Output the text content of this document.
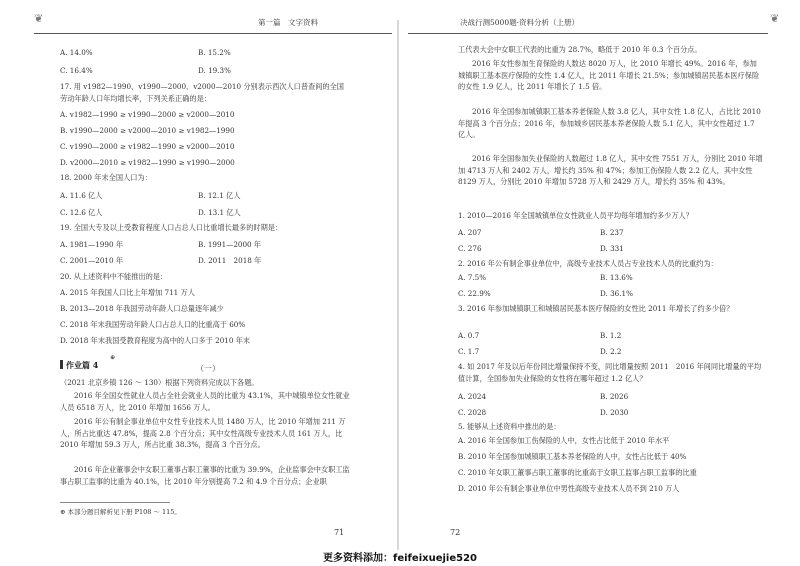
❦	第一篇　文字资料
A. 14.0%	B. 15.2%
C. 16.4%	D. 19.3%
17. 用 v1982—1990、v1990—2000、v2000—2010 分别表示西次人口普查间的全国劳动年龄人口年均增长率，下列关系正确的是：
A. v1982—1990 ≥ v1990—2000 ≥ v2000—2010
B. v1990—2000 ≥ v2000—2010 ≥ v1982—1990
C. v1990—2000 ≥ v1982—1990 ≥ v2000—2010
D. v2000—2010 ≥ v1982—1990 ≥ v1990—2000
18. 2000 年末全国人口为：
A. 11.6 亿人	B. 12.1 亿人
C. 12.6 亿人	D. 13.1 亿人
19. 全国大专及以上受教育程度人口占总人口比重增长最多的时期是：
A. 1981—1990 年	B. 1991—2000 年
C. 2001—2010 年	D. 2011　2018 年
20. 从上述资料中不能推出的是：
A. 2015 年我国人口比上年增加 711 万人
B. 2013—2018 年我国劳动年龄人口总量逐年减少
C. 2018 年末我国劳动年龄人口占总人口的比重高于 60%
D. 2018 年末我国受教育程度为高中的人口多于 2010 年末
作业篇 4
⊕
（一）
（2021 北京乡镇 126 ～ 130）根据下列资料完成以下各题。
2016 年全国女性就业人员占全社会就业人员的比重为 43.1%，其中城镇单位女性就业人员 6518 万人，比 2010 年增加 1656 万人。
2016 年公有制企事业单位中女性专业技术人员 1480 万人，比 2010 年增加 211 万人，所占比重达 47.8%，提高 2.8 个百分点；其中女性高级专业技术人员 161 万人，比 2010 年增加 59.3 万人，所占比重 38.3%，提高 3 个百分点。
2016 年企业董事会中女职工董事占职工董事的比重为 39.9%，企业监事会中女职工监事占职工监事的比重为 40.1%，比 2010 年分别提高 7.2 和 4.9 个百分点；企业职
⊕ 本部分题目解析见下册 P108 ～ 115。
71
决战行测5000题·资料分析（上册）	❦
工代表大会中女职工代表的比重为 28.7%，略低于 2010 年 0.3 个百分点。
2016 年女性参加生育保险的人数达 8020 万人，比 2010 年增长 49%。2016 年，参加城镇职工基本医疗保险的女性 1.4 亿人，比 2011 年增长 21.5%；参加城镇居民基本医疗保险的女性 1.9 亿人，比 2011 年增长了 1.5 倍。
2016 年全国参加城镇职工基本养老保险人数 3.8 亿人，其中女性 1.8 亿人，占比比 2010 年提高 3 个百分点；2016 年，参加城乡居民基本养老保险人数 5.1 亿人，其中女性超过 1.7 亿人。
2016 年全国参加失业保险的人数超过 1.8 亿人，其中女性 7551 万人，分别比 2010 年增加 4713 万人和 2402 万人，增长约 35% 和 47%；参加工伤保险人数 2.2 亿人，其中女性 8129 万人，分别比 2010 年增加 5728 万人和 2429 万人，增长约 35% 和 43%。
1. 2010—2016 年全国城镇单位女性就业人员平均每年增加约多少万人？
A. 207	B. 237
C. 276	D. 331
2. 2016 年公有制企事业单位中，高级专业技术人员占专业技术人员的比重约为：
A. 7.5%	B. 13.6%
C. 22.9%	D. 36.1%
3. 2016 年参加城镇职工和城镇居民基本医疗保险的女性比 2011 年增长了约多少倍？
A. 0.7	B. 1.2
C. 1.7	D. 2.2
4. 如 2017 年及以后年份同比增量保持不变，同比增量按照 2011　2016 年间同比增量的平均值计算，全国参加失业保险的女性将在哪年超过 1.2 亿人？
A. 2024	B. 2026
C. 2028	D. 2030
5. 能够从上述资料中推出的是：
A. 2016 年全国参加工伤保险的人中，女性占比低于 2010 年水平
B. 2010 年全国参加城镇职工基本养老保险的人中，女性占比低于 40%
C. 2010 年女职工董事占职工董事的比重高于女职工监事占职工监事的比重
D. 2010 年公有制企事业单位中男性高级专业技术人员不到 210 万人
72
更多资料添加：feifeixuejie520
